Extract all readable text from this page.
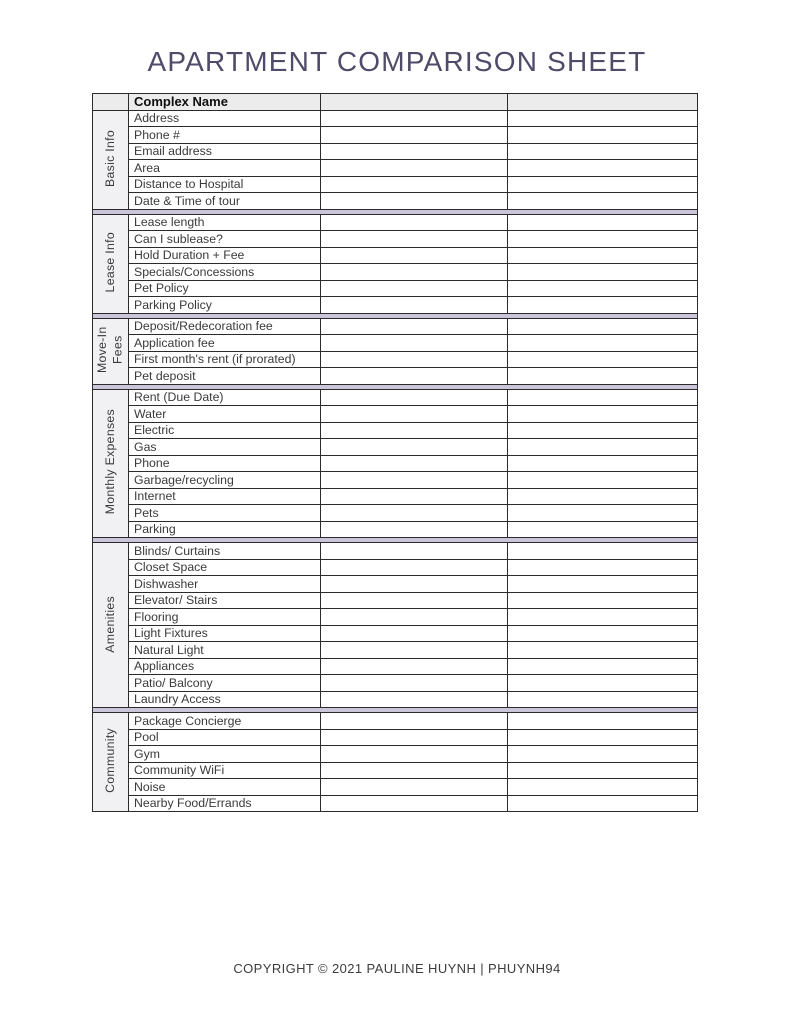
APARTMENT COMPARISON SHEET
	Complex Name		
Basic Info	Address		
	Phone #		
	Email address		
	Area		
	Distance to Hospital		
	Date & Time of tour		

Lease Info	Lease length		
	Can I sublease?		
	Hold Duration + Fee		
	Specials/Concessions		
	Pet Policy		
	Parking Policy		

Move-In Fees	Deposit/Redecoration fee		
	Application fee		
	First month's rent (if prorated)		
	Pet deposit		

Monthly Expenses	Rent (Due Date)		
	Water		
	Electric		
	Gas		
	Phone		
	Garbage/recycling		
	Internet		
	Pets		
	Parking		

Amenities	Blinds/ Curtains		
	Closet Space		
	Dishwasher		
	Elevator/ Stairs		
	Flooring		
	Light Fixtures		
	Natural Light		
	Appliances		
	Patio/ Balcony		
	Laundry Access		

Community	Package Concierge		
	Pool		
	Gym		
	Community WiFi		
	Noise		
	Nearby Food/Errands		
COPYRIGHT © 2021 PAULINE HUYNH | PHUYNH94
